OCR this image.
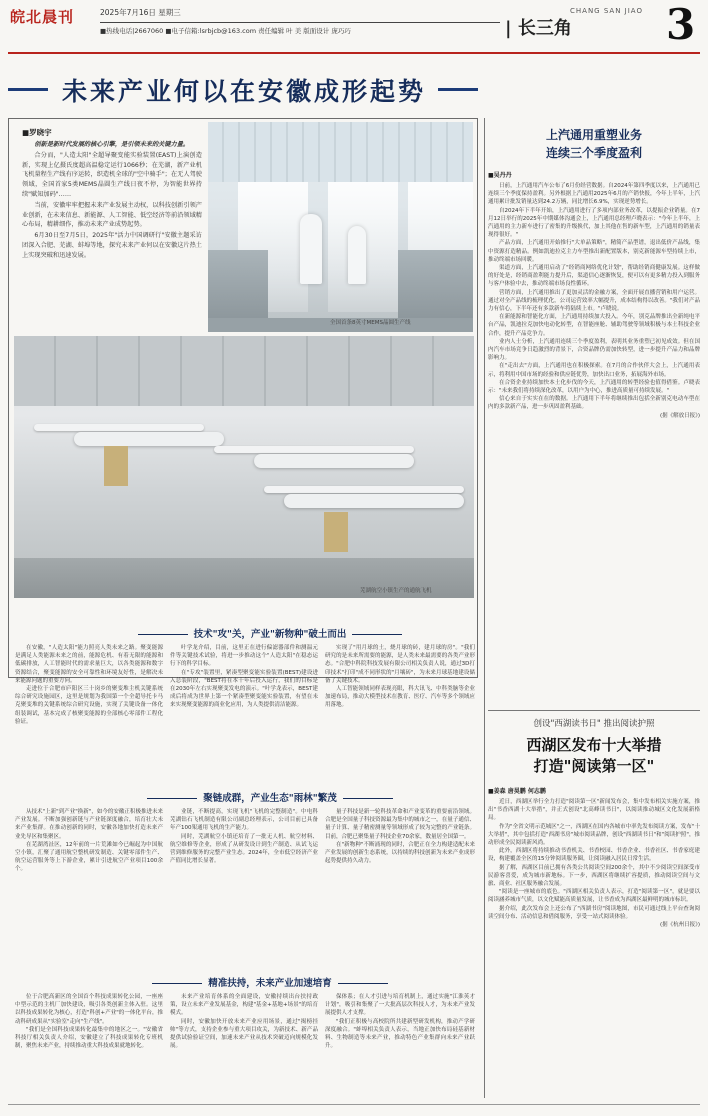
皖北晨刊	2025年7月16日 星期三
■热线电话|2667060 ■电子信箱:lsrbjcb@163.com 责任编辑 叶 美 版面设计 庞巧巧
CHANG SAN JIAO
| 长三角 3
未来产业何以在安徽成形起势
■罗晓宇

创新是新时代发展的核心引擎，是引领未来的关键力量。

合分而，"人造太阳"全超导聚变能实验装置(EAST)上演创造新，实现上亿摄氏度超高温稳定运行1066秒；在芜湖，新产业机飞机量程生产线有序运转，织造机全球的"空中骑手"；在无人驾驶领域，全国首家5类MEMS晶圆生产线日夜不停，为智能世界持续"赋知加码"……

当前，安徽牢牢把握未来产业发展主动权，以科技创新引领产业创新，在未来信息、新能源、人工智能、低空经济等前沿领域精心布局，精耕细作，推动未来产业成势起势。

6月30日至7月5日，2025年"活力中国调研行"安徽主题采访团深入合肥、芜湖、蚌埠等地，探究未来产业何以在安徽这片热土上实现突破和迅速发展。

全国首条8英寸MEMS晶圆生产线
芜湖航空小镇生产的通航飞机
技术"攻"关，产业"新物种"破土而出

在安徽，"人造太阳"能力照亮人类未来之路。聚变能源是满足人类能源未来之的前，能源危机、有着无限的能源和低碳排放，人工智能时代的需求量巨大，以各类能源和数字资源结合，聚变能源的安全可靠性和环境友好性，是解决未来能源问题的重要方向。

走进位于合肥市庐阳区三十岗乡的聚变堆主机关键系统综合研究设施园区，这里是规划为我国第一个全超导托卡马克聚变堆的关键系统综合研究设施，实现了关键设备一体化组装调试，基本完成了核聚变能源的全部核心零部件工程化验证。

叶学龙介绍，目前，这里正在进行偏滤器部件和测温元件等关键技术试验，将进一步推动这个"人造太阳"在稳态运行下的科学目标。

在"专攻"装置里，紧凑型聚变能实验装置(BEST)建设进入总装阶段，"BEST将在本十年后投入运行，我们的目标是在2030年左右实现聚变发电的演示。"叶学龙表示，BEST建成后将成为世界上第一个紧凑型聚变能实验装置，有望在未来实现聚变能源的商业化应用，为人类提供清洁能源。

实现了"用月球的土，烧月球的砖，建月球的房"。"我们研究的是未来所需要的能源，是人类未来最需要的各类产业形态。"合肥中科院科技发展有限公司相关负责人说，通过3D打印技术"打印"成不同形状的"月壤砖"，为未来月球基地建设储备了关键技术。

人工智能领域同样表现亮眼，科大讯飞、中科类脑等企业加速布局，推动大模型技术在教育、医疗、汽车等多个领域应用落地。

聚链成群，产业生态"雨林"繁茂

从技术"上新"到产业"换新"，如今的安徽正积极推进未来产业发展。不断加强创新链与产业链深度融合，培育壮大未来产业集群。在推动创新的同时，安徽各地加快打造未来产业先导区和集聚区。

在芜湖湾沚区，12年前的一片荒滩如今已崛起为中国航空小镇，汇聚了通用航空整机研发制造、关键零部件生产、航空运营服务等上下游企业，累计引进航空产业项目100余个。

业链，不断提高，实现飞机"飞机的完整制造"。中电科芜湖钻石飞机制造有限公司副总经理表示，公司目前已具备年产100架通用飞机的生产能力。

同时，芜湖航空小镇还培育了一批无人机、航空材料、航空维修等企业，形成了从研发设计到生产制造、从试飞运营到维修服务的完整产业生态。2024年，全市低空经济产业产值同比增长显著。

量子科技是新一轮科技革命和产业变革的重要前沿领域。合肥是全国量子科技资源最为集中的城市之一，在量子通信、量子计算、量子精密测量等领域形成了较为完整的产业链条。目前，合肥已聚集量子科技企业70余家，数量居全国第一。

在"新物种"不断涌现的同时，合肥正在全力构建适配未来产业发展的创新生态系统，以持续的科技创新为未来产业成形起势提供持久动力。

精准扶持，未来产业加速培育

位于合肥高新区的全国首个科技成果转化公园，一座座中型示范的主机厂加快建设，吸引各类创新主体入驻。这里以科技成果转化为核心，打造"科创+产业"的一体化平台，推动科研成果从"实验室"走向"生产线"。

"我们是全国科技成果转化最集中的地区之一。"安徽省科技厅相关负责人介绍，安徽建立了科技成果转化专班机制，聚焦未来产业，持续推动重大科技成果就地转化。

未来产业培育体系的全面建设，安徽持续出台扶持政策，设立未来产业发展基金，构建"基金+基地+场景"的培育模式。

同时，安徽加快开放未来产业应用场景，通过"揭榜挂帅"等方式，支持企业参与重大项目攻关，为新技术、新产品提供试验验证空间，加速未来产业从技术突破迈向规模化发展。

保体系；在人才引进与培育机制上，通过实施"江淮英才计划"，吸引和集聚了一大批高层次科技人才，为未来产业发展提供人才支撑。

"我们正积极与高校院所共建新型研发机构，推动产学研深度融合。"蚌埠相关负责人表示，当地正加快布局硅基新材料、生物制造等未来产业，推动特色产业集群向未来产业跃升。

上汽通用重塑业务
连续三个季度盈利
■吴丹丹

日前，上汽通用汽车公布了6月份经营数据。自2024年第四季度以来，上汽通用已连续三个季度保持盈利。另外根据上汽通用2025年6月的产销快报，今年上半年，上汽通用累计批发销量达到24.2万辆，同比增长6.9%，实现逆势增长。

自2024年下半年开始，上汽通用进行了多项内部业务改革，以提振企业销量。在7月12日举行的2025年中期媒体沟通会上，上汽通用总经理卢晓表示："今年上半年，上汽通用的主力新车进行了密集的升级换代，加上其他在售的新车型，上汽通用的销量表现得很好。"

产品方面，上汽通用开始推行"大单品策略"，精简产品型谱，退出低价产品线，集中资源打造精品。例如凯迪拉克主力车型推出新配置版本，别克新能源车型持续上市，推动终端市场回暖。

渠道方面，上汽通用启动了"经销商网络优化计划"，帮助经销商健康发展。这样做的好处是，经销商盈利能力提升后，渠道信心逐渐恢复，便可以有更多精力投入到服务与客户体验中去，推动终端市场良性循环。

营销方面，上汽通用推出了更加灵活的金融方案，全面开展直播营销和用户运营。通过对全产品线的梳理优化，公司运营效率大幅提升，成本结构得以改善。"我们对产品力有信心，下半年还有多款新车将陆续上市。"卢晓说。

在新能源和智能化方面，上汽通用持续加大投入。今年，别克品牌推出全新纯电平台产品，凯迪拉克加快电动化转型，在智能座舱、辅助驾驶等领域积极与本土科技企业合作，提升产品竞争力。

业内人士分析，上汽通用连续三个季度盈利，表明其业务重塑已初见成效。但在国内汽车市场竞争日趋激烈的背景下，合资品牌仍需加快转型，进一步提升产品力和品牌影响力。

在"走出去"方面，上汽通用也在积极探索。在7月的合作伙伴大会上，上汽通用表示，将利用中国市场的经验和供应链优势，加快出口业务，拓展海外市场。

在合资企业持续加快本土化步伐的今天，上汽通用的转型经验也值得借鉴。卢晓表示："未来我们将持续深化改革，以用户为中心，推进高质量可持续发展。"

信心来自于实实在在的数据。上汽通用下半年将继续推出包括全新别克电动车型在内的多款新产品，进一步巩固盈利基础。

(据《解放日报》)

创设"西湖读书日" 推出阅读护照
西湖区发布十大举措
打造"阅读第一区"
■姜森 唐昊鹏 何志鹏

近日，西湖区举行全力打造"阅读第一区"新闻发布会，集中发布相关实施方案，推出"书香西湖十大举措"，并正式创设"北高峰读书日"，以阅读推动城区文化发展新格局。

作为"全省文明示范城区"之一，西湖区在国内各城市中率先发布阅读方案，发布"十大举措"，其中包括打造"西湖书房"城市阅读品牌，创设"西湖读书日"和"阅读护照"，推动形成全民阅读新风尚。

此外，西湖区将持续推动书香机关、书香校园、书香企业、书香社区、书香家庭建设，构建覆盖全区的15分钟阅读服务圈，让阅读融入居民日常生活。

据了解，西湖区目前已拥有各类公共阅读空间200余个，其中不少阅读空间深受市民游客喜爱，成为城市新地标。下一步，西湖区将继续扩容提质，推动阅读空间与文旅、商业、社区服务融合发展。

"阅读是一座城市的底色。"西湖区相关负责人表示，打造"阅读第一区"，就是要以阅读涵养城市气质，以文化赋能高质量发展，让书香成为西湖区最鲜明的城市标识。

据介绍，此次发布会上还公布了"西湖书房"阅读地图，市民可通过线上平台查询阅读空间分布、活动信息和借阅服务，享受一站式阅读体验。

(据《杭州日报》)
